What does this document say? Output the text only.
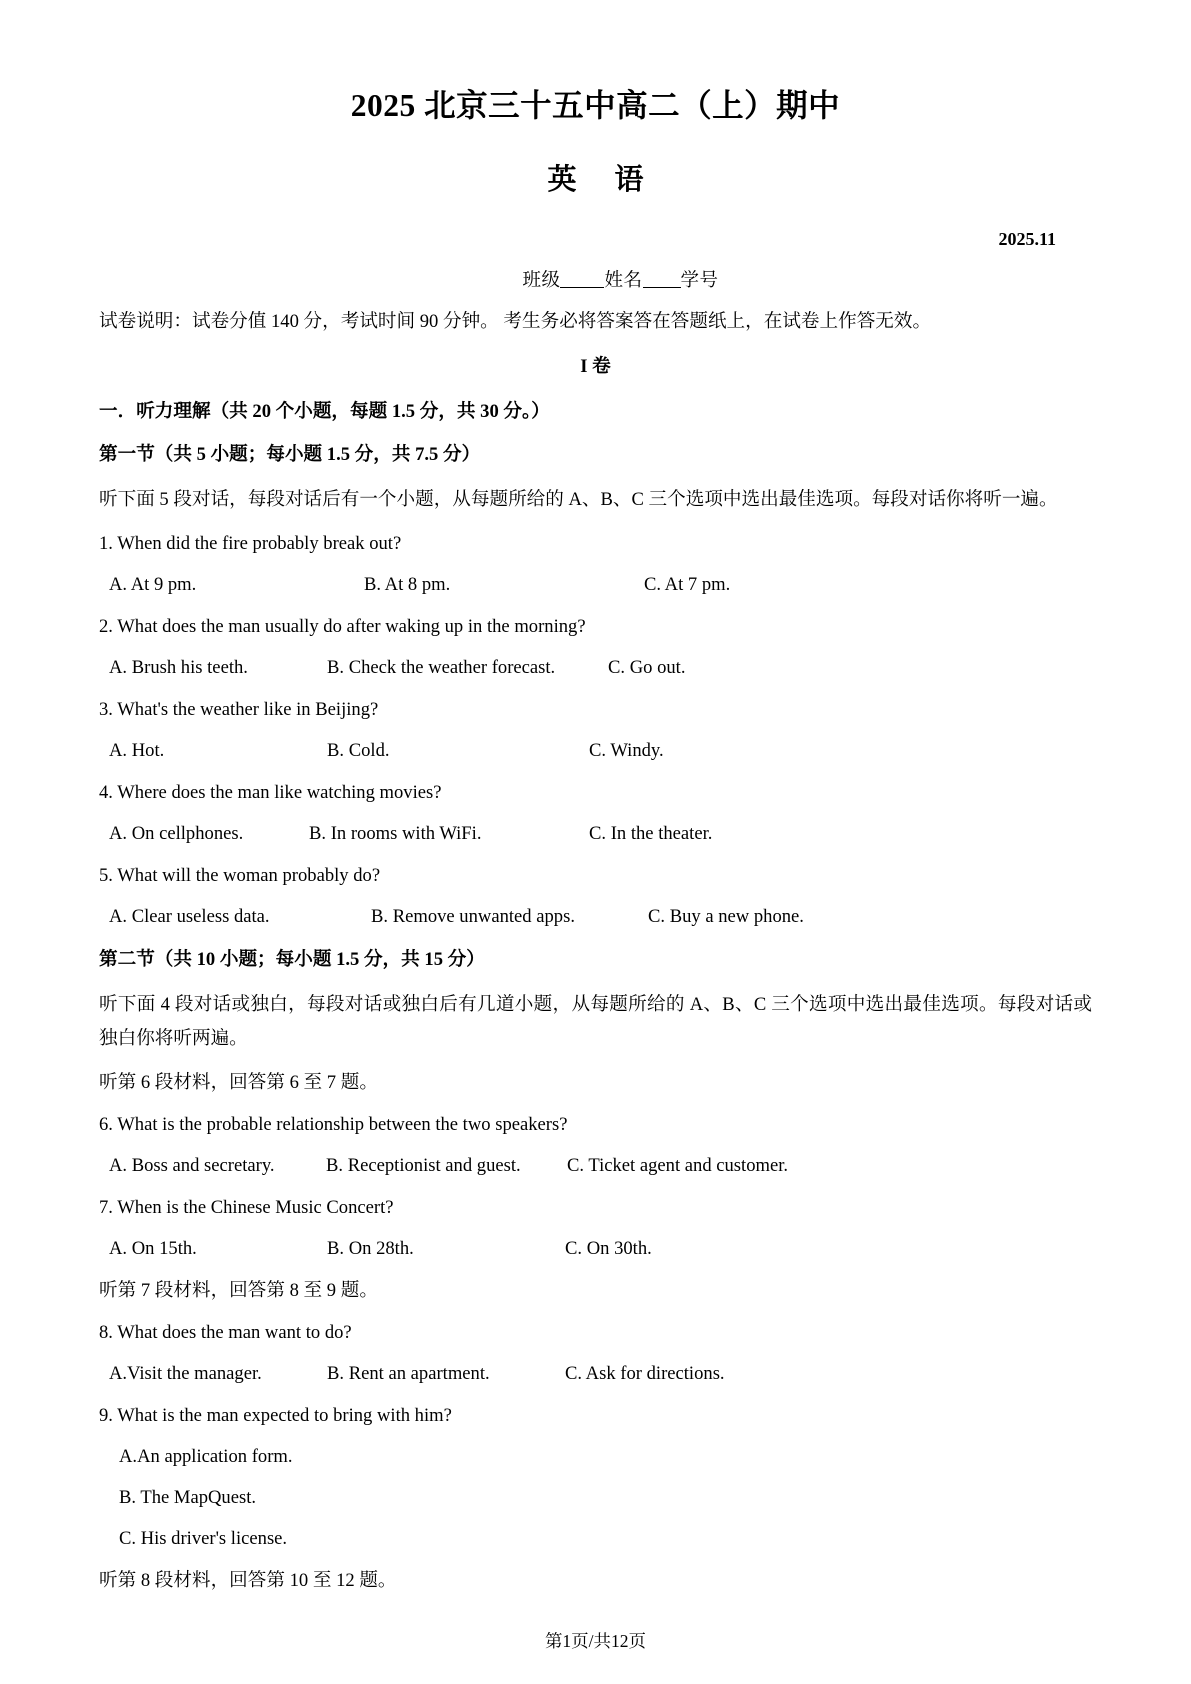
2025 北京三十五中高二（上）期中
英 语
2025.11
班级 姓名 学号
试卷说明：试卷分值 140 分，考试时间 90 分钟。 考生务必将答案答在答题纸上，在试卷上作答无效。
I 卷
一．听力理解（共 20 个小题，每题 1.5 分，共 30 分。）
第一节（共 5 小题；每小题 1.5 分，共 7.5 分）
听下面 5 段对话，每段对话后有一个小题，从每题所给的 A、B、C 三个选项中选出最佳选项。每段对话你将听一遍。
1. When did the fire probably break out?
A. At 9 pm.	B. At 8 pm.	C. At 7 pm.
2. What does the man usually do after waking up in the morning?
A. Brush his teeth.	B. Check the weather forecast.	C. Go out.
3. What's the weather like in Beijing?
A. Hot.	B. Cold.	C. Windy.
4. Where does the man like watching movies?
A. On cellphones.	B. In rooms with WiFi.	C. In the theater.
5. What will the woman probably do?
A. Clear useless data.	B. Remove unwanted apps.	C. Buy a new phone.
第二节（共 10 小题；每小题 1.5 分，共 15 分）
听下面 4 段对话或独白，每段对话或独白后有几道小题，从每题所给的 A、B、C 三个选项中选出最佳选项。每段对话或独白你将听两遍。
听第 6 段材料，回答第 6 至 7 题。
6. What is the probable relationship between the two speakers?
A. Boss and secretary.	B. Receptionist and guest. C. Ticket agent and customer.
7. When is the Chinese Music Concert?
A. On 15th.	B. On 28th.	C. On 30th.
听第 7 段材料，回答第 8 至 9 题。
8. What does the man want to do?
A.Visit the manager.	B. Rent an apartment.	C. Ask for directions.
9. What is the man expected to bring with him?
A.An application form.
B. The MapQuest.
C. His driver's license.
听第 8 段材料，回答第 10 至 12 题。
第1页/共12页
